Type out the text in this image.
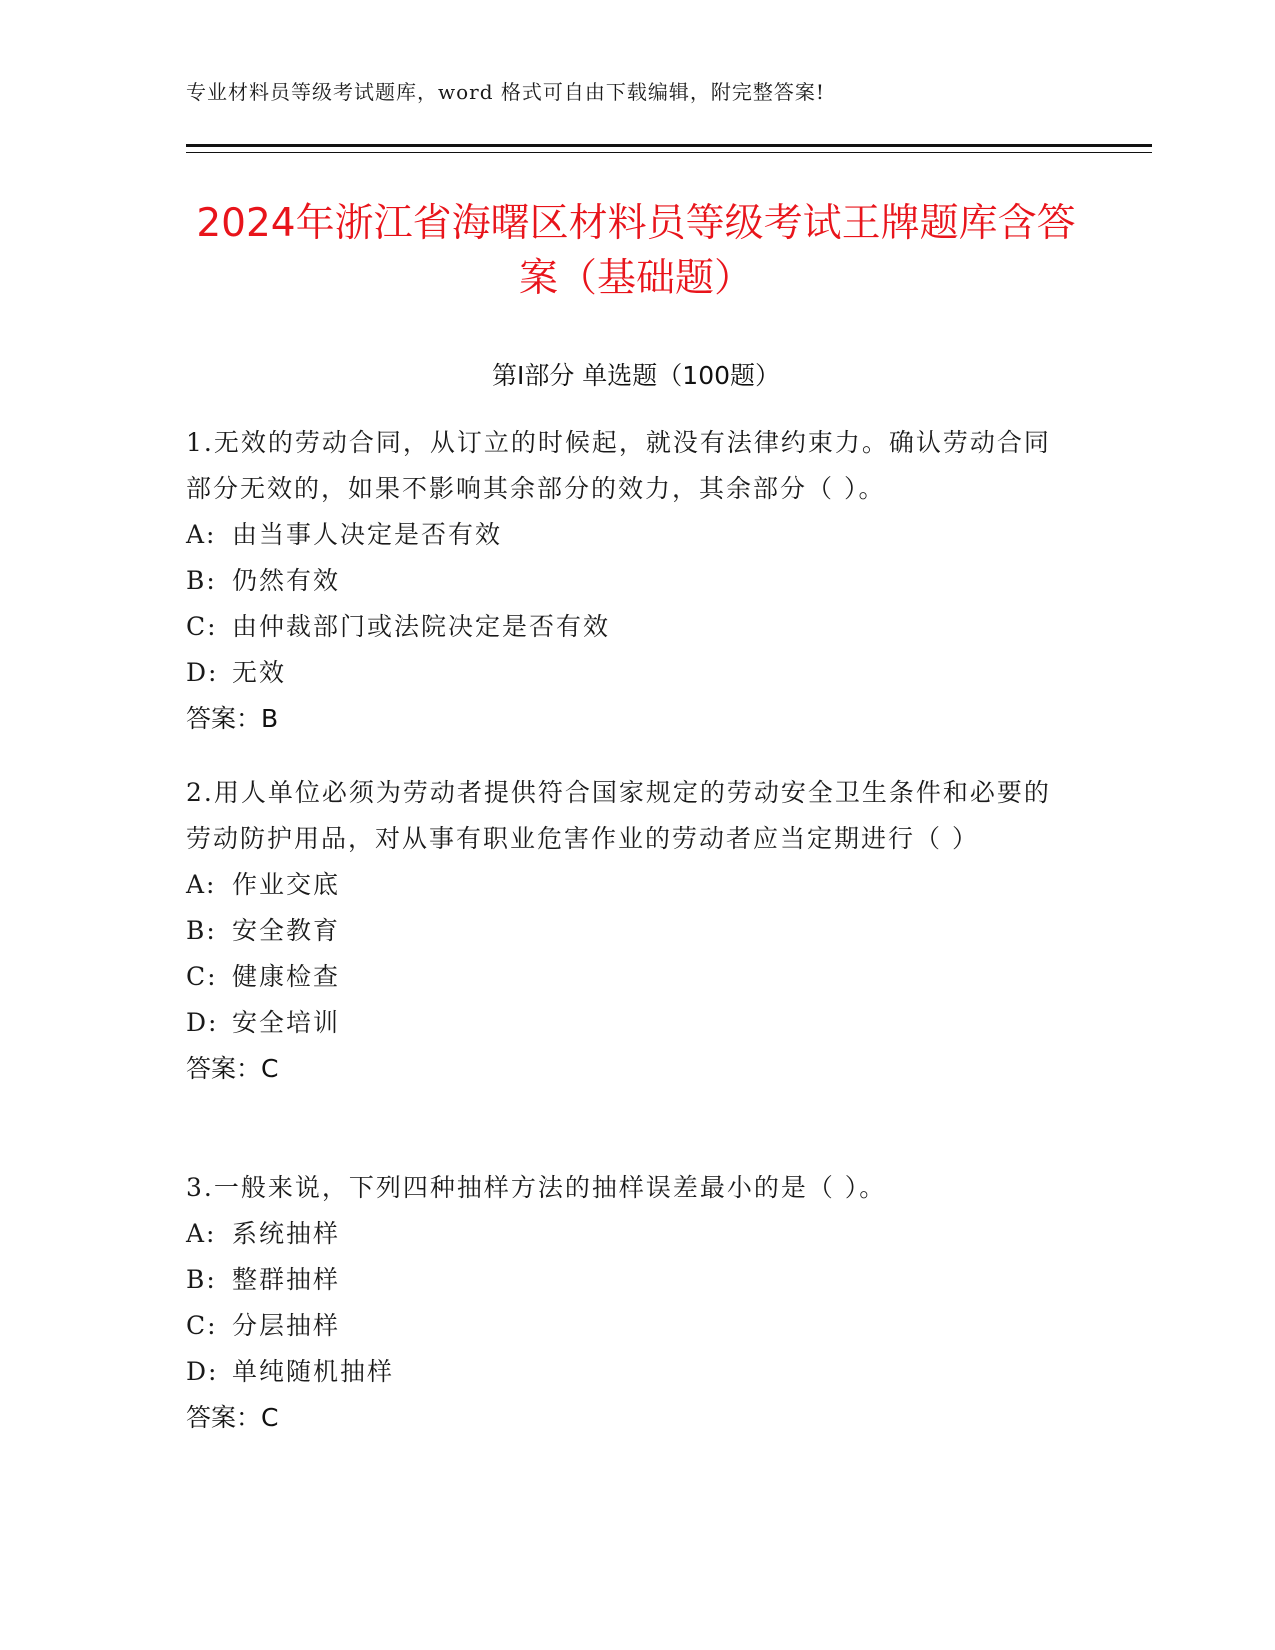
专业材料员等级考试题库，word 格式可自由下载编辑，附完整答案!
2024年浙江省海曙区材料员等级考试王牌题库含答案（基础题）
第Ⅰ部分 单选题（100题）

1.无效的劳动合同，从订立的时候起，就没有法律约束力。确认劳动合同部分无效的，如果不影响其余部分的效力，其余部分（ ）。

A: 由当事人决定是否有效
B: 仍然有效
C: 由仲裁部门或法院决定是否有效
D: 无效
答案：B

2.用人单位必须为劳动者提供符合国家规定的劳动安全卫生条件和必要的劳动防护用品，对从事有职业危害作业的劳动者应当定期进行（ ）

A: 作业交底
B: 安全教育
C: 健康检查
D: 安全培训
答案：C

3.一般来说，下列四种抽样方法的抽样误差最小的是（ ）。

A: 系统抽样
B: 整群抽样
C: 分层抽样
D: 单纯随机抽样
答案：C
